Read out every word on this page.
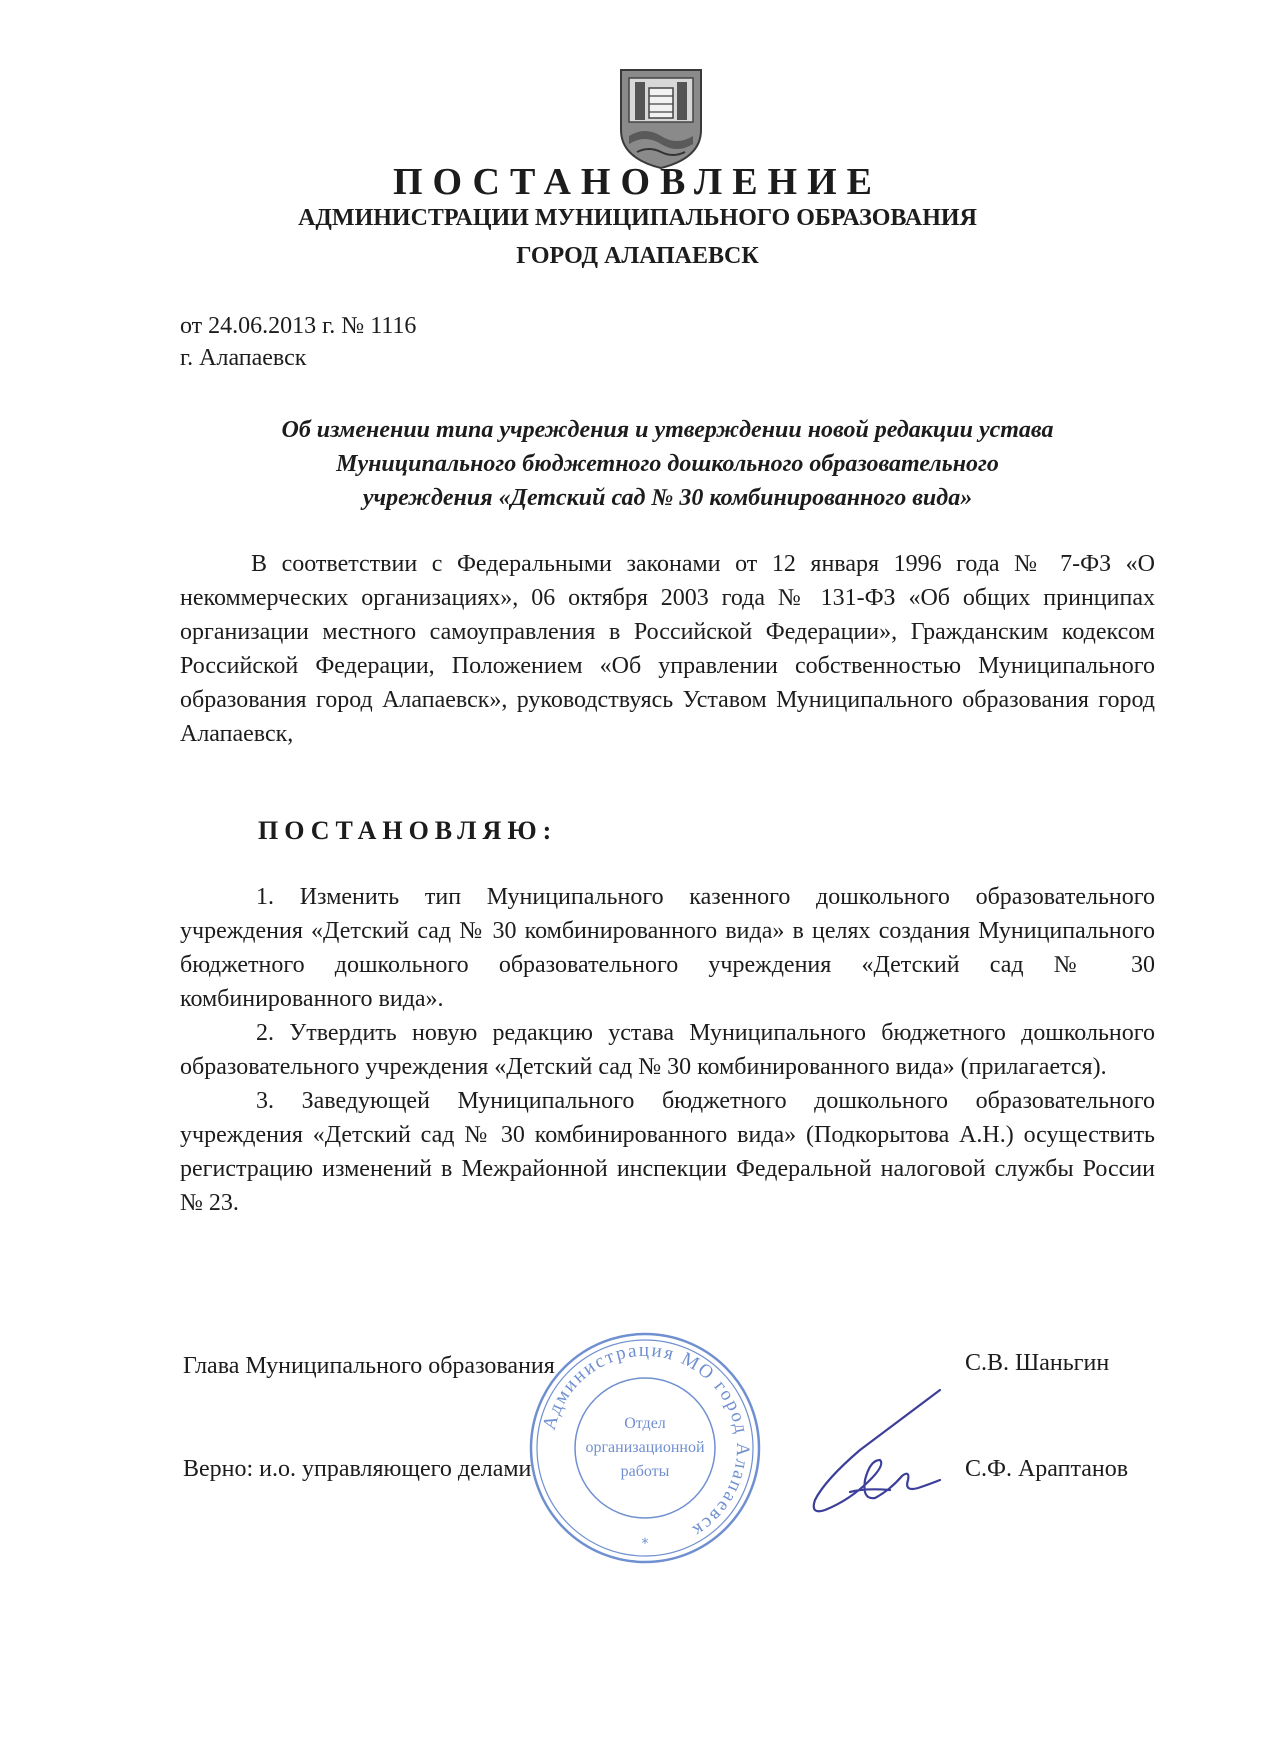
ПОСТАНОВЛЕНИЕ
АДМИНИСТРАЦИИ МУНИЦИПАЛЬНОГО ОБРАЗОВАНИЯ
ГОРОД АЛАПАЕВСК
от 24.06.2013 г. № 1116
г. Алапаевск
Об изменении типа учреждения и утверждении новой редакции устава
Муниципального бюджетного дошкольного образовательного
учреждения «Детский сад № 30 комбинированного вида»
В соответствии с Федеральными законами от 12 января 1996 года № 7-ФЗ «О некоммерческих организациях», 06 октября 2003 года № 131-ФЗ «Об общих принципах организации местного самоуправления в Российской Федерации», Гражданским кодексом Российской Федерации, Положением «Об управлении собственностью Муниципального образования город Алапаевск», руководствуясь Уставом Муниципального образования город Алапаевск,
ПОСТАНОВЛЯЮ:

1. Изменить тип Муниципального казенного дошкольного образовательного учреждения «Детский сад № 30 комбинированного вида» в целях создания Муниципального бюджетного дошкольного образовательного учреждения «Детский сад № 30 комбинированного вида».

2. Утвердить новую редакцию устава Муниципального бюджетного дошкольного образовательного учреждения «Детский сад № 30 комбинированного вида» (прилагается).

3. Заведующей Муниципального бюджетного дошкольного образовательного учреждения «Детский сад № 30 комбинированного вида» (Подкорытова А.Н.) осуществить регистрацию изменений в Межрайонной инспекции Федеральной налоговой службы России № 23.

Администрация МО город Алапаевск
Отдел
организационной
работы
*
Глава Муниципального образования	С.В. Шаньгин
Верно: и.о. управляющего делами	С.Ф. Араптанов
